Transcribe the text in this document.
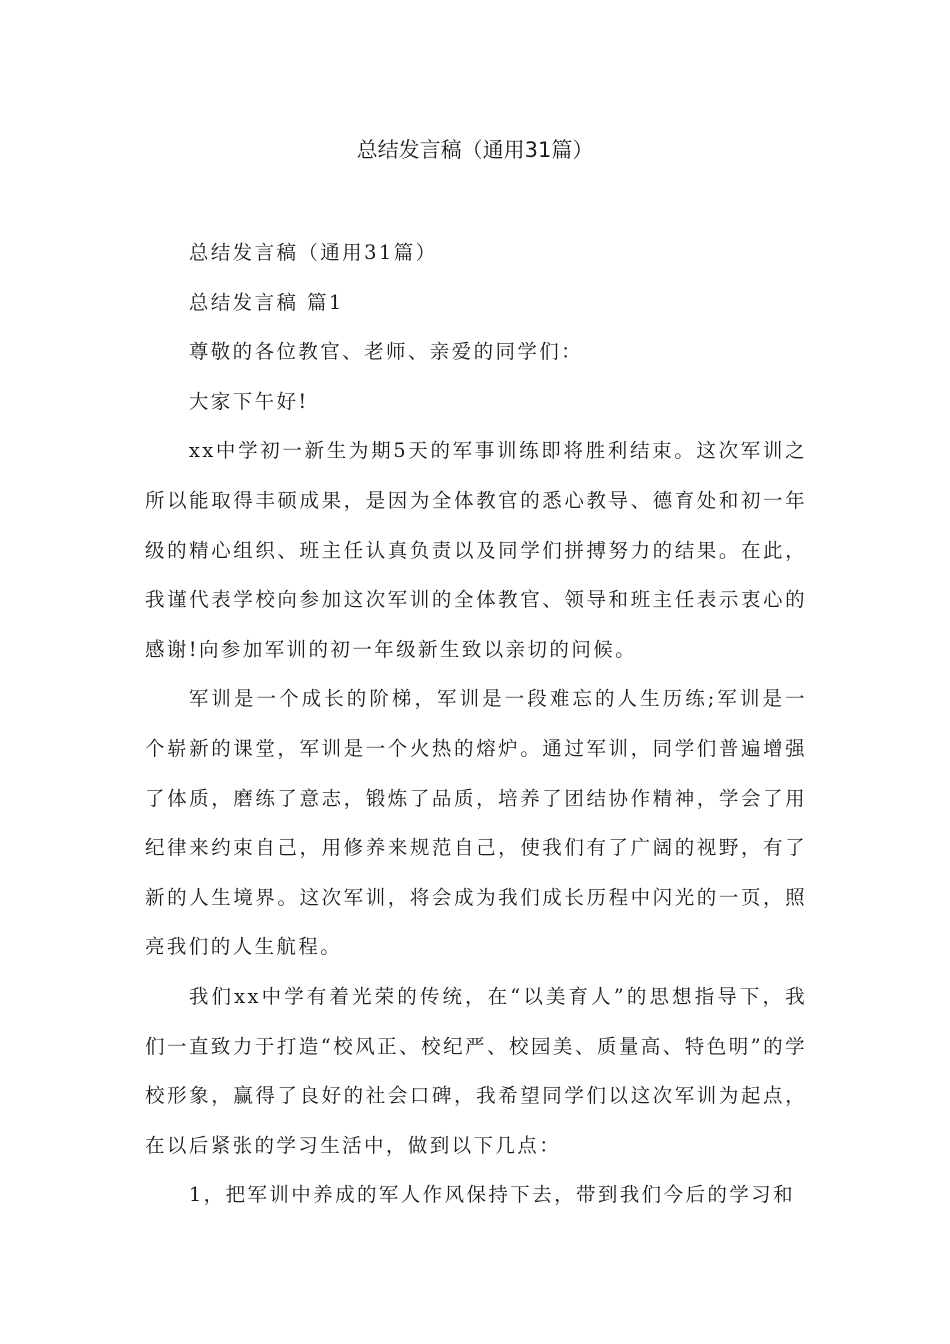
总结发言稿（通用31篇）

总结发言稿（通用31篇）

总结发言稿 篇1

尊敬的各位教官、老师、亲爱的同学们：

大家下午好!

xx中学初一新生为期5天的军事训练即将胜利结束。这次军训之所以能取得丰硕成果，是因为全体教官的悉心教导、德育处和初一年级的精心组织、班主任认真负责以及同学们拼搏努力的结果。在此，我谨代表学校向参加这次军训的全体教官、领导和班主任表示衷心的感谢!向参加军训的初一年级新生致以亲切的问候。

军训是一个成长的阶梯，军训是一段难忘的人生历练;军训是一个崭新的课堂，军训是一个火热的熔炉。通过军训，同学们普遍增强了体质，磨练了意志，锻炼了品质，培养了团结协作精神，学会了用纪律来约束自己，用修养来规范自己，使我们有了广阔的视野，有了新的人生境界。这次军训，将会成为我们成长历程中闪光的一页，照亮我们的人生航程。

我们xx中学有着光荣的传统，在“以美育人”的思想指导下，我们一直致力于打造“校风正、校纪严、校园美、质量高、特色明”的学校形象，赢得了良好的社会口碑，我希望同学们以这次军训为起点，在以后紧张的学习生活中，做到以下几点：

1，把军训中养成的军人作风保持下去，带到我们今后的学习和
